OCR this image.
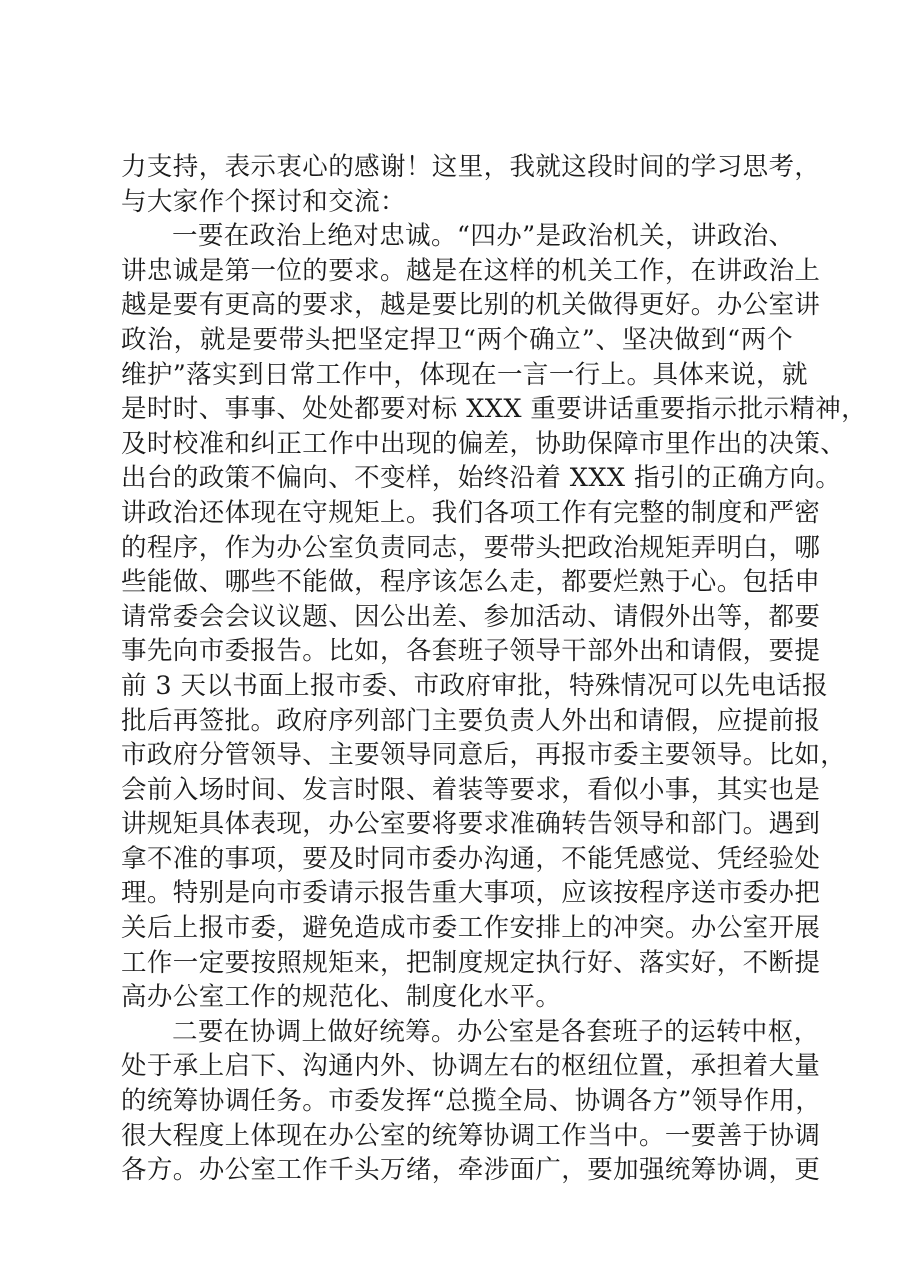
力支持，表示衷心的感谢！这里，我就这段时间的学习思考，
与大家作个探讨和交流：
一要在政治上绝对忠诚。“四办”是政治机关，讲政治、
讲忠诚是第一位的要求。越是在这样的机关工作，在讲政治上
越是要有更高的要求，越是要比别的机关做得更好。办公室讲
政治，就是要带头把坚定捍卫“两个确立”、坚决做到“两个
维护”落实到日常工作中，体现在一言一行上。具体来说，就
是时时、事事、处处都要对标 XXX 重要讲话重要指示批示精神，
及时校准和纠正工作中出现的偏差，协助保障市里作出的决策、
出台的政策不偏向、不变样，始终沿着 XXX 指引的正确方向。
讲政治还体现在守规矩上。我们各项工作有完整的制度和严密
的程序，作为办公室负责同志，要带头把政治规矩弄明白，哪
些能做、哪些不能做，程序该怎么走，都要烂熟于心。包括申
请常委会会议议题、因公出差、参加活动、请假外出等，都要
事先向市委报告。比如，各套班子领导干部外出和请假，要提
前 3 天以书面上报市委、市政府审批，特殊情况可以先电话报
批后再签批。政府序列部门主要负责人外出和请假，应提前报
市政府分管领导、主要领导同意后，再报市委主要领导。比如，
会前入场时间、发言时限、着装等要求，看似小事，其实也是
讲规矩具体表现，办公室要将要求准确转告领导和部门。遇到
拿不准的事项，要及时同市委办沟通，不能凭感觉、凭经验处
理。特别是向市委请示报告重大事项，应该按程序送市委办把
关后上报市委，避免造成市委工作安排上的冲突。办公室开展
工作一定要按照规矩来，把制度规定执行好、落实好，不断提
高办公室工作的规范化、制度化水平。
二要在协调上做好统筹。办公室是各套班子的运转中枢，
处于承上启下、沟通内外、协调左右的枢纽位置，承担着大量
的统筹协调任务。市委发挥“总揽全局、协调各方”领导作用，
很大程度上体现在办公室的统筹协调工作当中。一要善于协调
各方。办公室工作千头万绪，牵涉面广，要加强统筹协调，更
